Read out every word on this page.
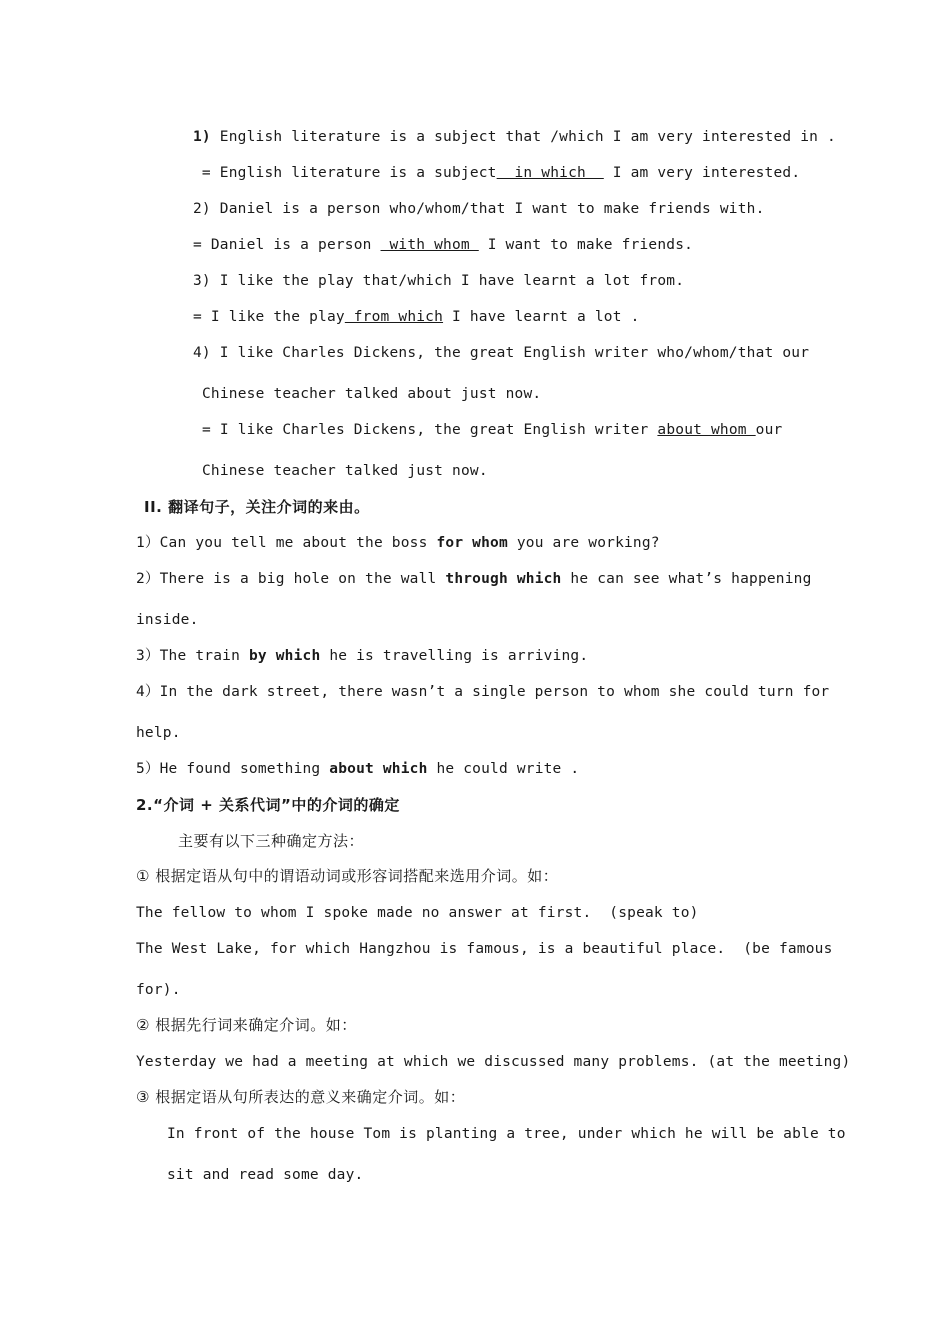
1) English literature is a subject that /which I am very interested in .
= English literature is a subject  in which   I am very interested.
2) Daniel is a person who/whom/that I want to make friends with.
= Daniel is a person  with whom  I want to make friends.
3) I like the play that/which I have learnt a lot from.
= I like the play from which I have learnt a lot .
4) I like Charles Dickens, the great English writer who/whom/that our
Chinese teacher talked about just now.
= I like Charles Dickens, the great English writer about whom our
Chinese teacher talked just now.
II. 翻译句子，关注介词的来由。
1）Can you tell me about the boss for whom you are working?
2）There is a big hole on the wall through which he can see what’s happening
inside.
3）The train by which he is travelling is arriving.
4）In the dark street, there wasn’t a single person to whom she could turn for
help.
5）He found something about which he could write .
2.“介词 + 关系代词”中的介词的确定
主要有以下三种确定方法：
① 根据定语从句中的谓语动词或形容词搭配来选用介词。如：
The fellow to whom I spoke made no answer at first.  (speak to)
The West Lake, for which Hangzhou is famous, is a beautiful place.  (be famous
for).
② 根据先行词来确定介词。如：
Yesterday we had a meeting at which we discussed many problems. (at the meeting)
③ 根据定语从句所表达的意义来确定介词。如：
In front of the house Tom is planting a tree, under which he will be able to
sit and read some day.
